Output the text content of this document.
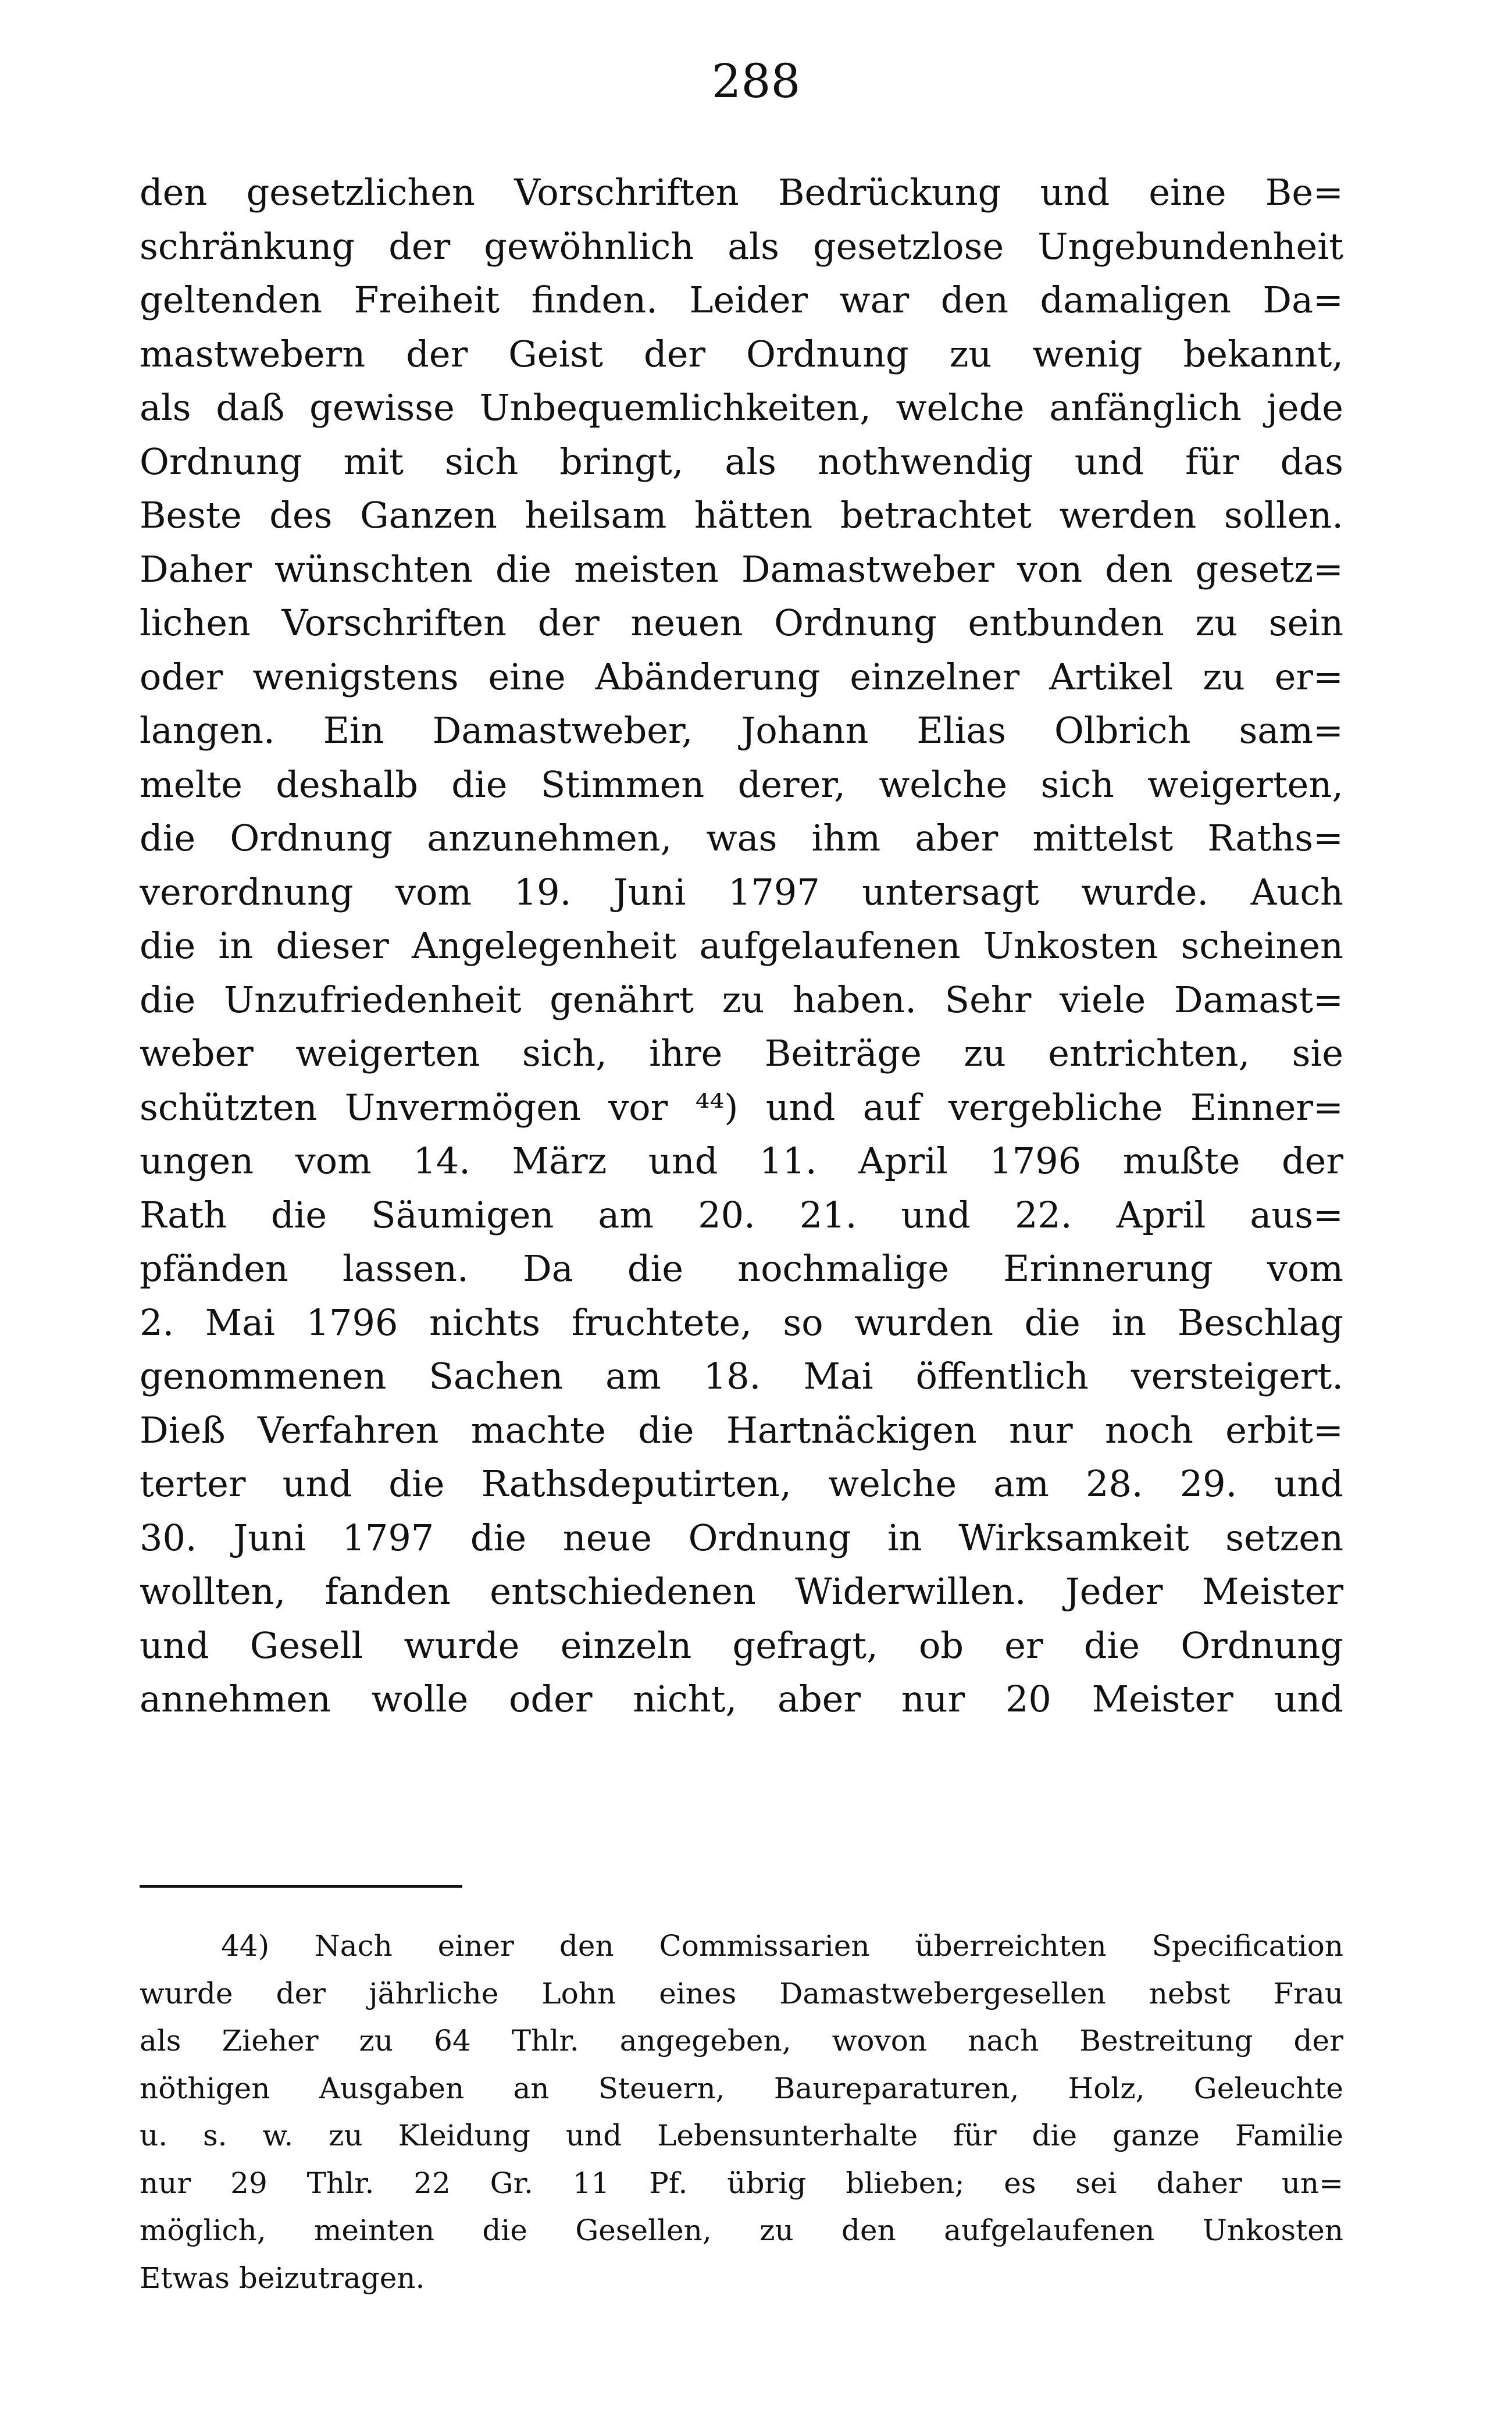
288
den gesetzlichen Vorschriften Bedrückung und eine Be=
schränkung der gewöhnlich als gesetzlose Ungebundenheit
geltenden Freiheit finden. Leider war den damaligen Da=
mastwebern der Geist der Ordnung zu wenig bekannt,
als daß gewisse Unbequemlichkeiten, welche anfänglich jede
Ordnung mit sich bringt, als nothwendig und für das
Beste des Ganzen heilsam hätten betrachtet werden sollen.
Daher wünschten die meisten Damastweber von den gesetz=
lichen Vorschriften der neuen Ordnung entbunden zu sein
oder wenigstens eine Abänderung einzelner Artikel zu er=
langen. Ein Damastweber, Johann Elias Olbrich sam=
melte deshalb die Stimmen derer, welche sich weigerten,
die Ordnung anzunehmen, was ihm aber mittelst Raths=
verordnung vom 19. Juni 1797 untersagt wurde. Auch
die in dieser Angelegenheit aufgelaufenen Unkosten scheinen
die Unzufriedenheit genährt zu haben. Sehr viele Damast=
weber weigerten sich, ihre Beiträge zu entrichten, sie
schützten Unvermögen vor ⁴⁴) und auf vergebliche Einner=
ungen vom 14. März und 11. April 1796 mußte der
Rath die Säumigen am 20. 21. und 22. April aus=
pfänden lassen. Da die nochmalige Erinnerung vom
2. Mai 1796 nichts fruchtete, so wurden die in Beschlag
genommenen Sachen am 18. Mai öffentlich versteigert.
Dieß Verfahren machte die Hartnäckigen nur noch erbit=
terter und die Rathsdeputirten, welche am 28. 29. und
30. Juni 1797 die neue Ordnung in Wirksamkeit setzen
wollten, fanden entschiedenen Widerwillen. Jeder Meister
und Gesell wurde einzeln gefragt, ob er die Ordnung
annehmen wolle oder nicht, aber nur 20 Meister und
44) Nach einer den Commissarien überreichten Specification
wurde der jährliche Lohn eines Damastwebergesellen nebst Frau
als Zieher zu 64 Thlr. angegeben, wovon nach Bestreitung der
nöthigen Ausgaben an Steuern, Baureparaturen, Holz, Geleuchte
u. s. w. zu Kleidung und Lebensunterhalte für die ganze Familie
nur 29 Thlr. 22 Gr. 11 Pf. übrig blieben; es sei daher un=
möglich, meinten die Gesellen, zu den aufgelaufenen Unkosten
Etwas beizutragen.
